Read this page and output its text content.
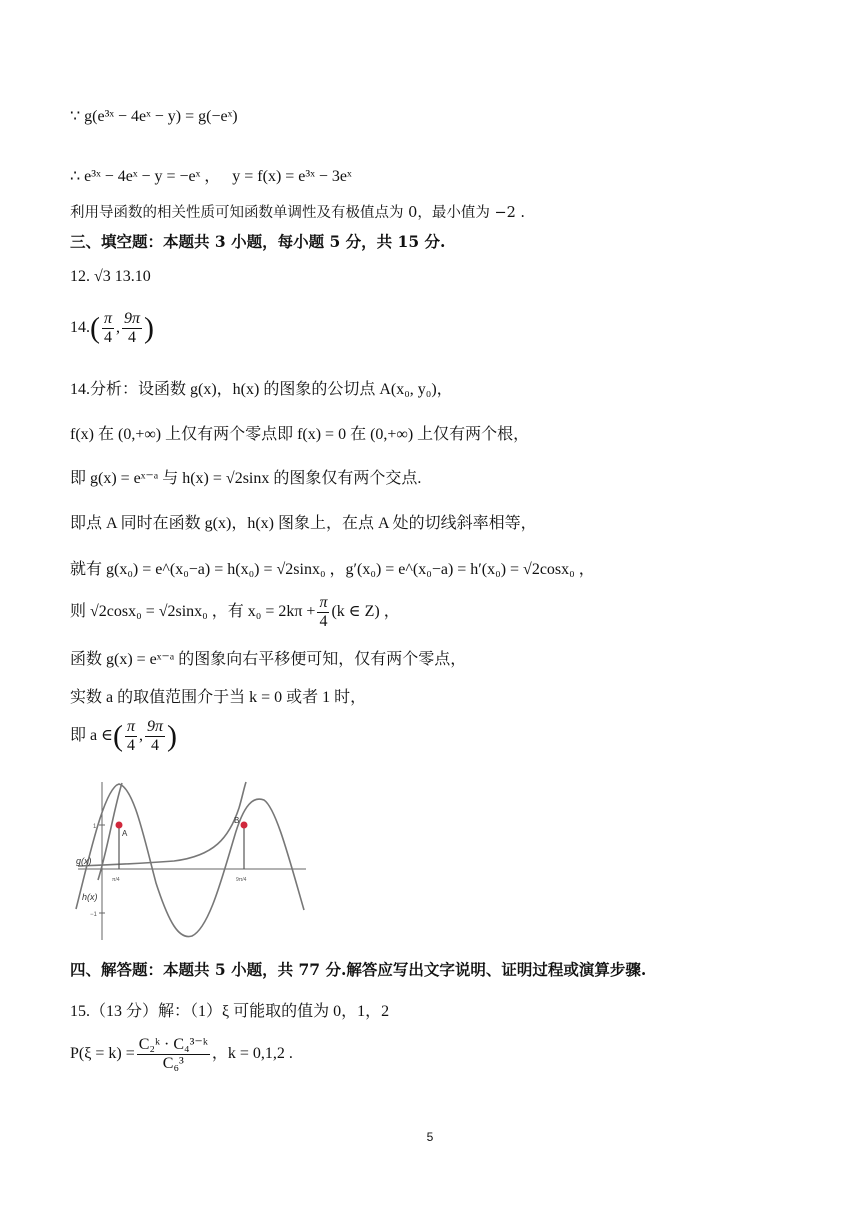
∵ g(e³ˣ − 4eˣ − y) = g(−eˣ)
∴ e³ˣ − 4eˣ − y = −eˣ ， y = f(x) = e³ˣ − 3eˣ
利用导函数的相关性质可知函数单调性及有极值点为 0，最小值为 −2 .
三、填空题：本题共 3 小题，每小题 5 分，共 15 分.
12. √3 13.10
$14.( \frac{\pi}{4}$ , $\frac{9\pi}{4}$ )
14.分析：设函数 g(x)，h(x) 的图象的公切点 A(x₀, y₀)，
f(x) 在 (0,+∞) 上仅有两个零点即 f(x) = 0 在 (0,+∞) 上仅有两个根，
即 g(x) = eˣ⁻ᵃ 与 h(x) = √2sinx 的图象仅有两个交点.
即点 A 同时在函数 g(x)，h(x) 图象上，在点 A 处的切线斜率相等，
就有 g(x₀) = e^(x₀−a) = h(x₀) = √2sinx₀ ，g′(x₀) = e^(x₀−a) = h′(x₀) = √2cosx₀ ，
则 √2cosx₀ = √2sinx₀ ，有 $x_0 = 2k\pi + \frac{\pi}{4} (k$ ∈ Z) ，
函数 g(x) = eˣ⁻ᵃ 的图象向右平移便可知，仅有两个零点，
实数 a 的取值范围介于当 k = 0 或者 1 时，
即 a ∈( $\frac{\pi}{4}$ , $\frac{9\pi}{4}$ )
A
B
g(x)
h(x)
1
−1
π/4	9π/4
四、解答题：本题共 5 小题，共 77 分.解答应写出文字说明、证明过程或演算步骤.
15.（13 分）解：（1）ξ 可能取的值为 0，1，2
$P(\xi = k) = \frac{\text{C₂ᵏ · C₄³⁻ᵏ}}{\text{C₆³}}$ ，k = 0,1,2 .
5
